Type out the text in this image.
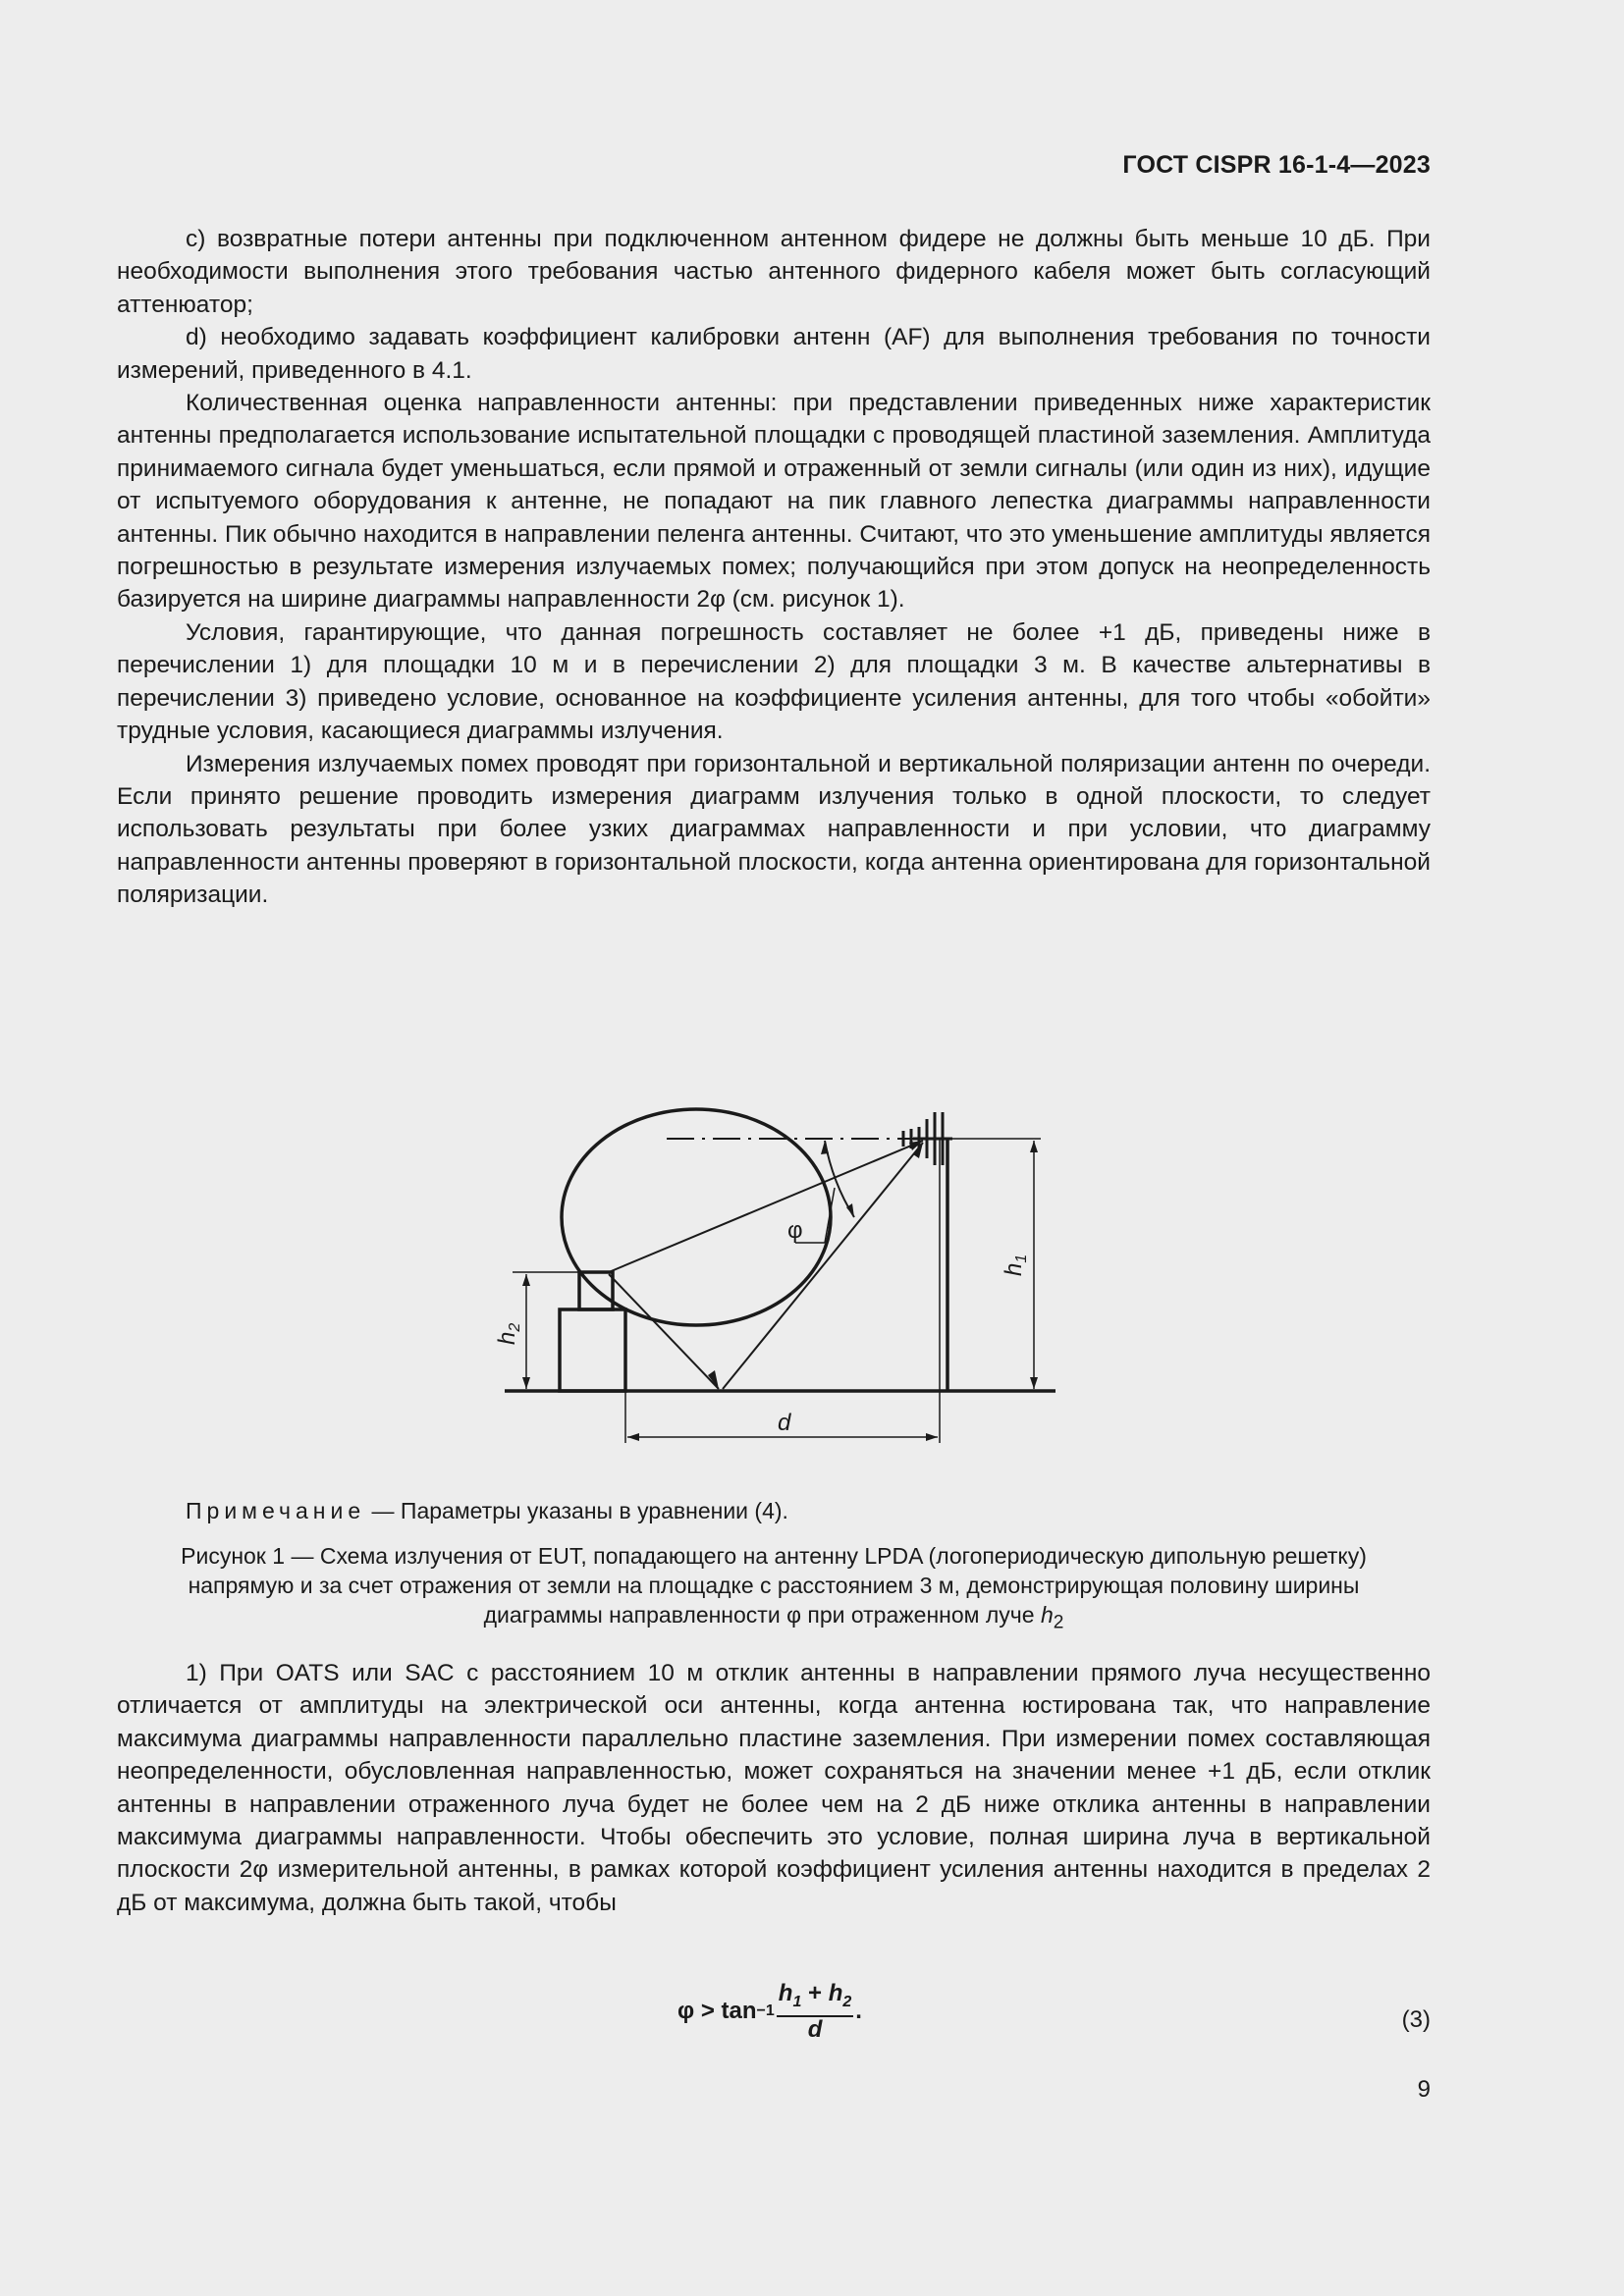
ГОСТ CISPR 16-1-4—2023

c) возвратные потери антенны при подключенном антенном фидере не должны быть меньше 10 дБ. При необходимости выполнения этого требования частью антенного фидерного кабеля может быть согласующий аттенюатор;

d) необходимо задавать коэффициент калибровки антенн (AF) для выполнения требования по точности измерений, приведенного в 4.1.

Количественная оценка направленности антенны: при представлении приведенных ниже характеристик антенны предполагается использование испытательной площадки с проводящей пластиной заземления. Амплитуда принимаемого сигнала будет уменьшаться, если прямой и отраженный от земли сигналы (или один из них), идущие от испытуемого оборудования к антенне, не попадают на пик главного лепестка диаграммы направленности антенны. Пик обычно находится в направлении пеленга антенны. Считают, что это уменьшение амплитуды является погрешностью в результате измерения излучаемых помех; получающийся при этом допуск на неопределенность базируется на ширине диаграммы направленности 2φ (см. рисунок 1).

Условия, гарантирующие, что данная погрешность составляет не более +1 дБ, приведены ниже в перечислении 1) для площадки 10 м и в перечислении 2) для площадки 3 м. В качестве альтернативы в перечислении 3) приведено условие, основанное на коэффициенте усиления антенны, для того чтобы «обойти» трудные условия, касающиеся диаграммы излучения.

Измерения излучаемых помех проводят при горизонтальной и вертикальной поляризации антенн по очереди. Если принято решение проводить измерения диаграмм излучения только в одной плоскости, то следует использовать результаты при более узких диаграммах направленности и при условии, что диаграмму направленности антенны проверяют в горизонтальной плоскости, когда антенна ориентирована для горизонтальной поляризации.

$h_1$
$h_2$
φ
d
Примечание — Параметры указаны в уравнении (4).
Рисунок 1 — Схема излучения от EUT, попадающего на антенну LPDA (логопериодическую дипольную решетку)
напрямую и за счет отражения от земли на площадке с расстоянием 3 м, демонстрирующая половину ширины
диаграммы направленности φ при отраженном луче $h_2$

1) При OATS или SAC с расстоянием 10 м отклик антенны в направлении прямого луча несущественно отличается от амплитуды на электрической оси антенны, когда антенна юстирована так, что направление максимума диаграммы направленности параллельно пластине заземления. При измерении помех составляющая неопределенности, обусловленная направленностью, может сохраняться на значении менее +1 дБ, если отклик антенны в направлении отраженного луча будет не более чем на 2 дБ ниже отклика антенны в направлении максимума диаграммы направленности. Чтобы обеспечить это условие, полная ширина луча в вертикальной плоскости 2φ измерительной антенны, в рамках которой коэффициент усиления антенны находится в пределах 2 дБ от максимума, должна быть такой, чтобы

$\varphi > \tan -1 \frac{h_1 + h_2}{d}$ .	(3)
9
